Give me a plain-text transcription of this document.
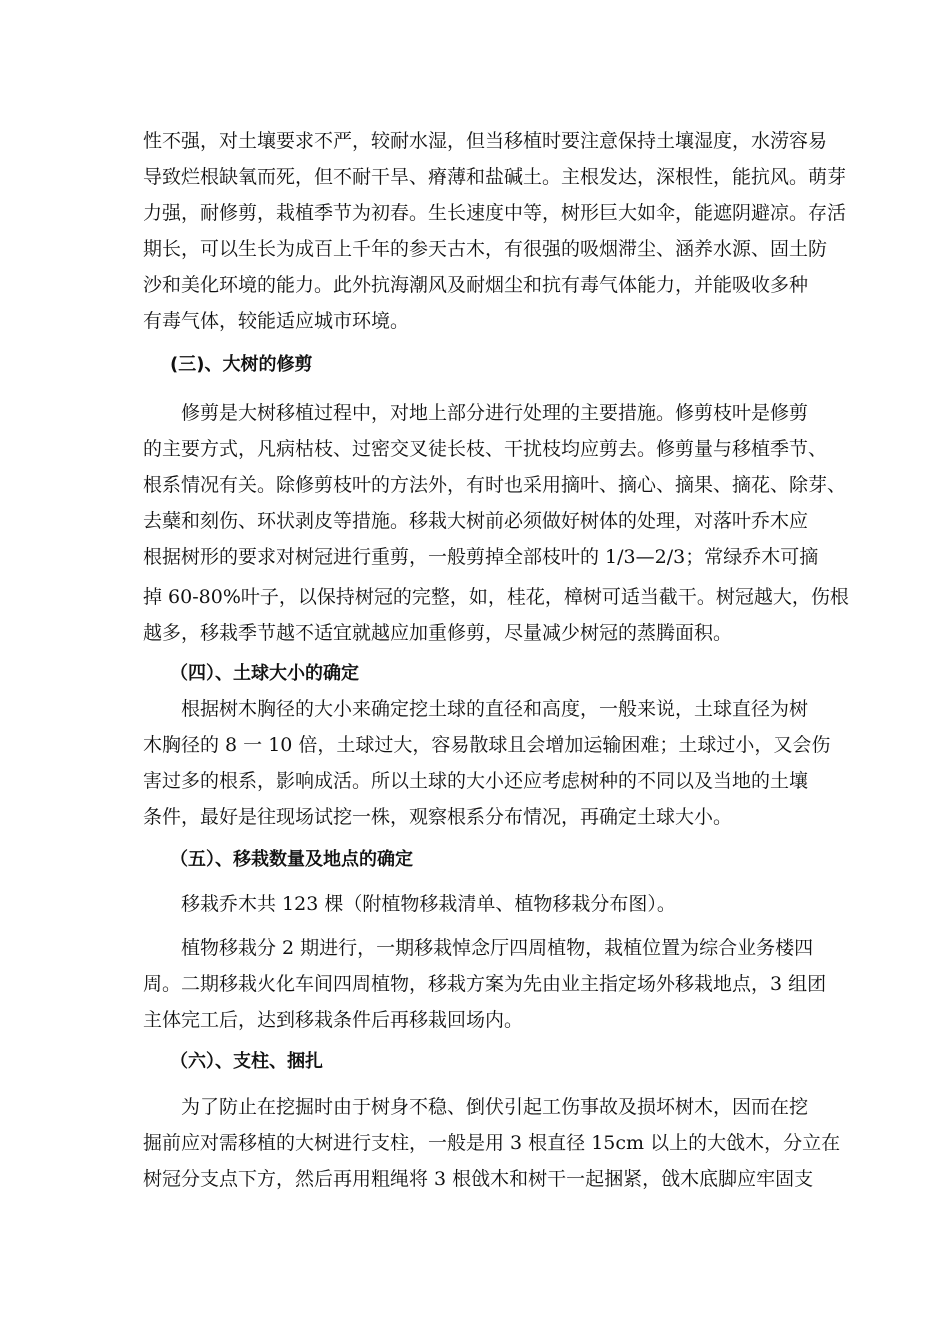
性不强，对土壤要求不严，较耐水湿，但当移植时要注意保持土壤湿度，水涝容易
导致烂根缺氧而死，但不耐干旱、瘠薄和盐碱土。主根发达，深根性，能抗风。萌芽
力强，耐修剪，栽植季节为初春。生长速度中等，树形巨大如伞，能遮阴避凉。存活
期长，可以生长为成百上千年的参天古木，有很强的吸烟滞尘、涵养水源、固土防
沙和美化环境的能力。此外抗海潮风及耐烟尘和抗有毒气体能力，并能吸收多种
有毒气体，较能适应城市环境。
(三)、大树的修剪
修剪是大树移植过程中，对地上部分进行处理的主要措施。修剪枝叶是修剪
的主要方式，凡病枯枝、过密交叉徒长枝、干扰枝均应剪去。修剪量与移植季节、
根系情况有关。除修剪枝叶的方法外，有时也采用摘叶、摘心、摘果、摘花、除芽、
去蘖和刻伤、环状剥皮等措施。移栽大树前必须做好树体的处理，对落叶乔木应
根据树形的要求对树冠进行重剪，一般剪掉全部枝叶的 1/3—2/3；常绿乔木可摘
掉 60-80%叶子，以保持树冠的完整，如，桂花，樟树可适当截干。树冠越大，伤根
越多，移栽季节越不适宜就越应加重修剪，尽量减少树冠的蒸腾面积。
（四）、土球大小的确定
根据树木胸径的大小来确定挖土球的直径和高度，一般来说，土球直径为树
木胸径的 8 一 10 倍，土球过大，容易散球且会增加运输困难；土球过小，又会伤
害过多的根系，影响成活。所以土球的大小还应考虑树种的不同以及当地的土壤
条件，最好是往现场试挖一株，观察根系分布情况，再确定土球大小。
（五）、移栽数量及地点的确定
移栽乔木共 123 棵（附植物移栽清单、植物移栽分布图）。
植物移栽分 2 期进行，一期移栽悼念厅四周植物，栽植位置为综合业务楼四
周。二期移栽火化车间四周植物，移栽方案为先由业主指定场外移栽地点，3 组团
主体完工后，达到移栽条件后再移栽回场内。
（六）、支柱、捆扎
为了防止在挖掘时由于树身不稳、倒伏引起工伤事故及损坏树木，因而在挖
掘前应对需移植的大树进行支柱，一般是用 3 根直径 15cm 以上的大戗木，分立在
树冠分支点下方，然后再用粗绳将 3 根戗木和树干一起捆紧，戗木底脚应牢固支
